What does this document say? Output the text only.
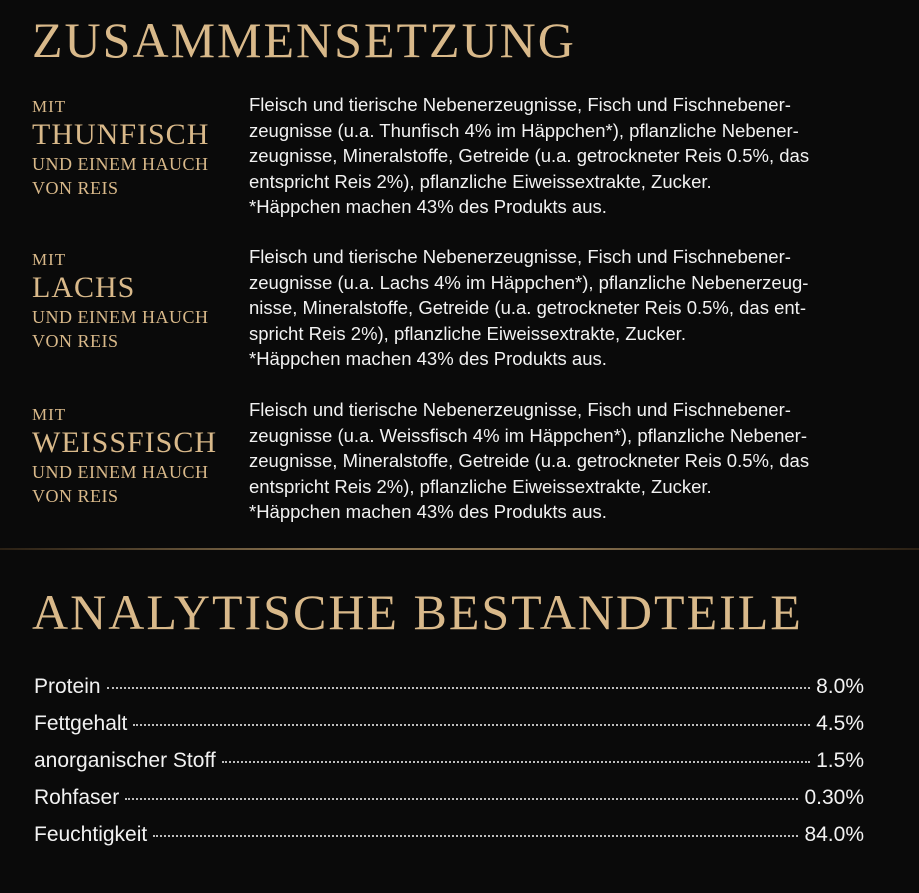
ZUSAMMENSETZUNG
MIT
THUNFISCH
UND EINEM HAUCH
VON REIS
Fleisch und tierische Nebenerzeugnisse, Fisch und Fischnebener-
zeugnisse (u.a. Thunfisch 4% im Häppchen*), pflanzliche Nebener-
zeugnisse, Mineralstoffe, Getreide (u.a. getrockneter Reis 0.5%, das
entspricht Reis 2%), pflanzliche Eiweissextrakte, Zucker.
*Häppchen machen 43% des Produkts aus.
MIT
LACHS
UND EINEM HAUCH
VON REIS
Fleisch und tierische Nebenerzeugnisse, Fisch und Fischnebener-
zeugnisse (u.a. Lachs 4% im Häppchen*), pflanzliche Nebenerzeug-
nisse, Mineralstoffe, Getreide (u.a. getrockneter Reis 0.5%, das ent-
spricht Reis 2%), pflanzliche Eiweissextrakte, Zucker.
*Häppchen machen 43% des Produkts aus.
MIT
WEISSFISCH
UND EINEM HAUCH
VON REIS
Fleisch und tierische Nebenerzeugnisse, Fisch und Fischnebener-
zeugnisse (u.a. Weissfisch 4% im Häppchen*), pflanzliche Nebener-
zeugnisse, Mineralstoffe, Getreide (u.a. getrockneter Reis 0.5%, das
entspricht Reis 2%), pflanzliche Eiweissextrakte, Zucker.
*Häppchen machen 43% des Produkts aus.
ANALYTISCHE BESTANDTEILE
Protein	8.0%
Fettgehalt	4.5%
anorganischer Stoff	1.5%
Rohfaser	0.30%
Feuchtigkeit	84.0%
